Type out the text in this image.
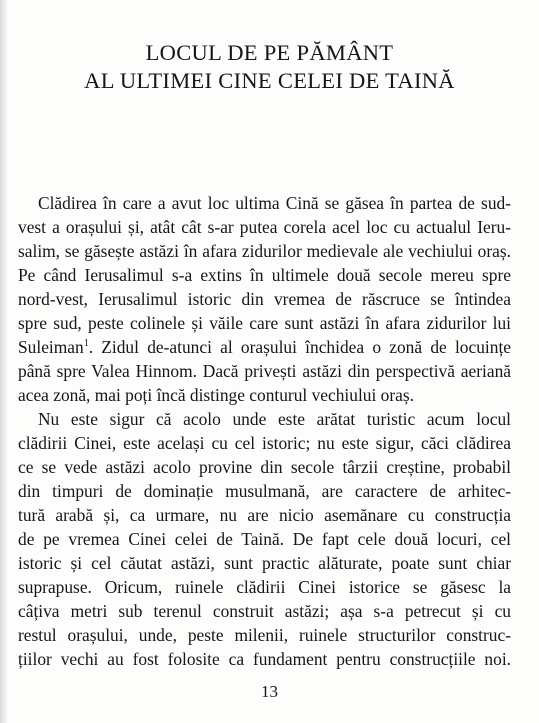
LOCUL DE PE PĂMÂNT
AL ULTIMEI CINE CELEI DE TAINĂ
Clădirea în care a avut loc ultima Cină se găsea în partea de sud-
vest a orașului și, atât cât s-ar putea corela acel loc cu actualul Ieru-
salim, se găsește astăzi în afara zidurilor medievale ale vechiului oraș.
Pe când Ierusalimul s-a extins în ultimele două secole mereu spre
nord-vest, Ierusalimul istoric din vremea de răscruce se întindea
spre sud, peste colinele și văile care sunt astăzi în afara zidurilor lui
Suleiman$^1$. Zidul de-atunci al orașului închidea o zonă de locuințe
până spre Valea Hinnom. Dacă privești astăzi din perspectivă aeriană
acea zonă, mai poți încă distinge conturul vechiului oraș.
Nu este sigur că acolo unde este arătat turistic acum locul
clădirii Cinei, este același cu cel istoric; nu este sigur, căci clădirea
ce se vede astăzi acolo provine din secole târzii creștine, probabil
din timpuri de dominație musulmană, are caractere de arhitec-
tură arabă și, ca urmare, nu are nicio asemănare cu construcția
de pe vremea Cinei celei de Taină. De fapt cele două locuri, cel
istoric și cel căutat astăzi, sunt practic alăturate, poate sunt chiar
suprapuse. Oricum, ruinele clădirii Cinei istorice se găsesc la
câțiva metri sub terenul construit astăzi; așa s-a petrecut și cu
restul orașului, unde, peste milenii, ruinele structurilor construc-
țiilor vechi au fost folosite ca fundament pentru construcțiile noi.
13
